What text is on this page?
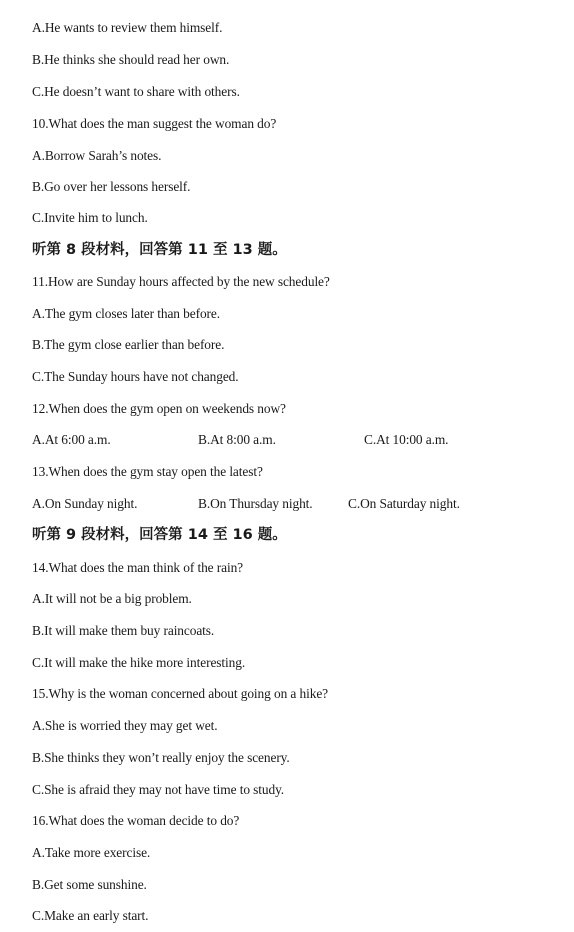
A.He wants to review them himself.
B.He thinks she should read her own.
C.He doesn’t want to share with others.
10.What does the man suggest the woman do?
A.Borrow Sarah’s notes.
B.Go over her lessons herself.
C.Invite him to lunch.
听第 8 段材料，回答第 11 至 13 题。
11.How are Sunday hours affected by the new schedule?
A.The gym closes later than before.
B.The gym close earlier than before.
C.The Sunday hours have not changed.
12.When does the gym open on weekends now?
A.At 6:00 a.m.	B.At 8:00 a.m.	C.At 10:00 a.m.
13.When does the gym stay open the latest?
A.On Sunday night.	B.On Thursday night.	C.On Saturday night.
听第 9 段材料，回答第 14 至 16 题。
14.What does the man think of the rain?
A.It will not be a big problem.
B.It will make them buy raincoats.
C.It will make the hike more interesting.
15.Why is the woman concerned about going on a hike?
A.She is worried they may get wet.
B.She thinks they won’t really enjoy the scenery.
C.She is afraid they may not have time to study.
16.What does the woman decide to do?
A.Take more exercise.
B.Get some sunshine.
C.Make an early start.
